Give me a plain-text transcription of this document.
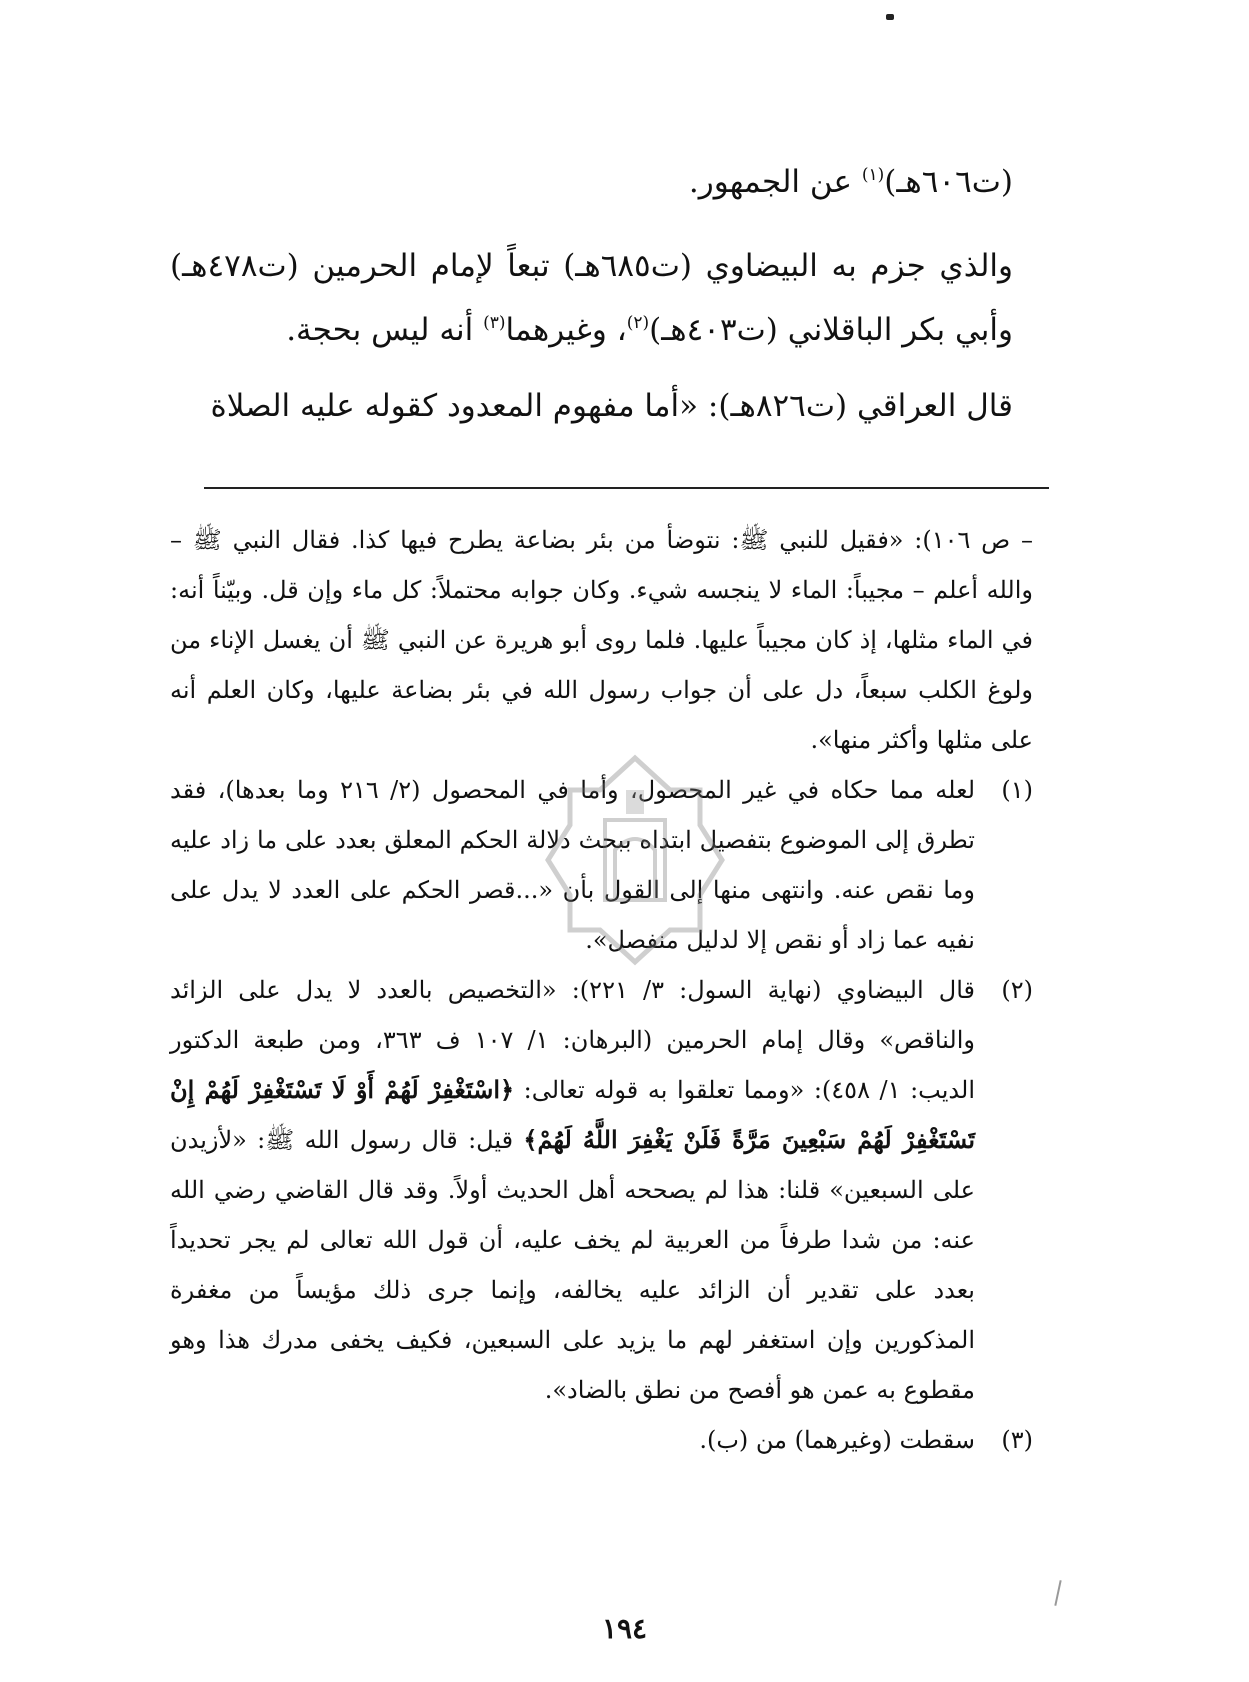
(ت٦٠٦هـ)$^{(١)}$ عن الجمهور.

والذي جزم به البيضاوي (ت٦٨٥هـ) تبعاً لإمام الحرمين (ت٤٧٨هـ) وأبي بكر الباقلاني (ت٤٠٣هـ)$^{(٢)}$، وغيرهما$^{(٣)}$ أنه ليس بحجة.

قال العراقي (ت٨٢٦هـ): «أما مفهوم المعدود كقوله عليه الصلاة

– ص ١٠٦): «فقيل للنبي ﷺ: نتوضأ من بئر بضاعة يطرح فيها كذا. فقال النبي ﷺ – والله أعلم – مجيباً: الماء لا ينجسه شيء. وكان جوابه محتملاً: كل ماء وإن قل. وبيّناً أنه: في الماء مثلها، إذ كان مجيباً عليها. فلما روى أبو هريرة عن النبي ﷺ أن يغسل الإناء من ولوغ الكلب سبعاً، دل على أن جواب رسول الله في بئر بضاعة عليها، وكان العلم أنه على مثلها وأكثر منها».

(١)
لعله مما حكاه في غير المحصول، وأما في المحصول (٢/ ٢١٦ وما بعدها)، فقد تطرق إلى الموضوع بتفصيل ابتداه ببحث دلالة الحكم المعلق بعدد على ما زاد عليه وما نقص عنه. وانتهى منها إلى القول بأن «...قصر الحكم على العدد لا يدل على نفيه عما زاد أو نقص إلا لدليل منفصل».
(٢)
قال البيضاوي (نهاية السول: ٣/ ٢٢١): «التخصيص بالعدد لا يدل على الزائد والناقص» وقال إمام الحرمين (البرهان: ١/ ١٠٧ ف ٣٦٣، ومن طبعة الدكتور الديب: ١/ ٤٥٨): «ومما تعلقوا به قوله تعالى: ﴿اسْتَغْفِرْ لَهُمْ أَوْ لَا تَسْتَغْفِرْ لَهُمْ إِنْ تَسْتَغْفِرْ لَهُمْ سَبْعِينَ مَرَّةً فَلَنْ يَغْفِرَ اللَّهُ لَهُمْ﴾ قيل: قال رسول الله ﷺ: «لأزيدن على السبعين» قلنا: هذا لم يصححه أهل الحديث أولاً. وقد قال القاضي رضي الله عنه: من شدا طرفاً من العربية لم يخف عليه، أن قول الله تعالى لم يجر تحديداً بعدد على تقدير أن الزائد عليه يخالفه، وإنما جرى ذلك مؤيساً من مغفرة المذكورين وإن استغفر لهم ما يزيد على السبعين، فكيف يخفى مدرك هذا وهو مقطوع به عمن هو أفصح من نطق بالضاد».
(٣)
سقطت (وغيرهما) من (ب).
١٩٤
